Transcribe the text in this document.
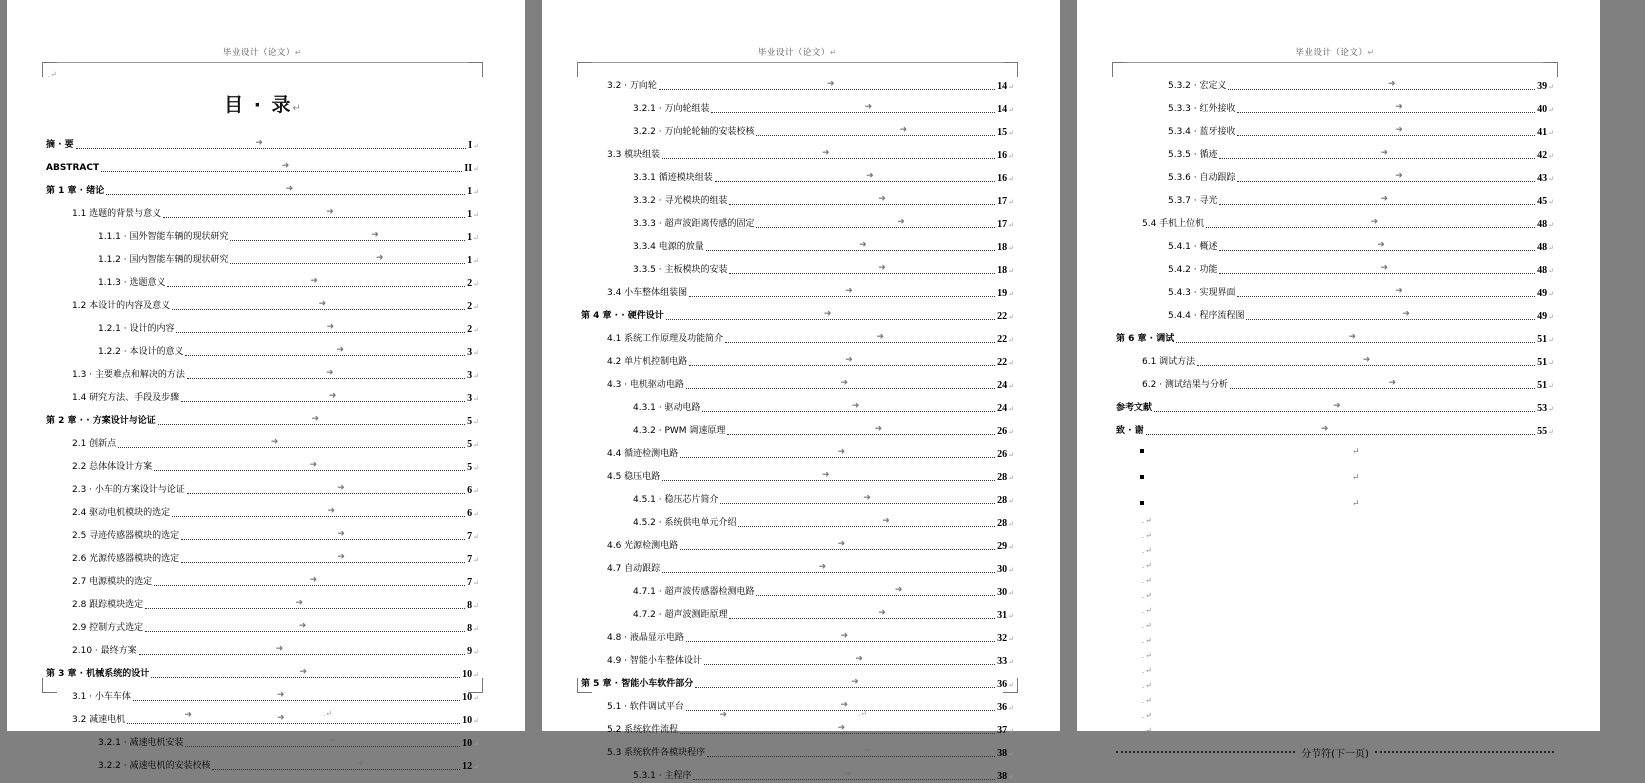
毕业设计（论文）↵
.↵
目 · 录↵
摘 · 要	➜	I ↵
ABSTRACT	➜	II ↵
第 1 章 · 绪论	➜	1 ↵
1.1 选题的背景与意义	➜	1 ↵
1.1.1 · 国外智能车辆的现状研究	➜	1 ↵
1.1.2 · 国内智能车辆的现状研究	➜	1 ↵
1.1.3 · 选题意义	➜	2 ↵
1.2 本设计的内容及意义	➜	2 ↵
1.2.1 · 设计的内容	➜	2 ↵
1.2.2 · 本设计的意义	➜	3 ↵
1.3 · 主要难点和解决的方法	➜	3 ↵
1.4 研究方法、手段及步骤	➜	3 ↵
第 2 章 · · 方案设计与论证	➜	5 ↵
2.1 创新点	➜	5 ↵
2.2 总体体设计方案	➜	5 ↵
2.3 · 小车的方案设计与论证	➜	6 ↵
2.4 驱动电机模块的选定	➜	6 ↵
2.5 寻迹传感器模块的选定	➜	7 ↵
2.6 光源传感器模块的选定	➜	7 ↵
2.7 电源模块的选定	➜	7 ↵
2.8 跟踪模块选定	➜	8 ↵
2.9 控制方式选定	➜	8 ↵
2.10 · 最终方案	➜	9 ↵
第 3 章 · 机械系统的设计	➜	10 ↵
3.1 · 小车车体	➜	10 ↵
3.2 减速电机	➜	10 ↵
3.2.1 · 减速电机安装	➜	10 ↵
3.2.2 · 减速电机的安装校核	➜	12 ↵
➜	.↵
毕业设计（论文）↵
3.2 · 万向轮	➜	14 ↵
3.2.1 · 万向轮组装	➜	14 ↵
3.2.2 · 万向轮轮轴的安装校核	➜	15 ↵
3.3 模块组装	➜	16 ↵
3.3.1 循迹模块组装	➜	16 ↵
3.3.2 · 寻光模块的组装	➜	17 ↵
3.3.3 · 超声波距离传感的固定	➜	17 ↵
3.3.4 电源的放量	➜	18 ↵
3.3.5 · 主板模块的安装	➜	18 ↵
3.4 小车整体组装图	➜	19 ↵
第 4 章 · · 硬件设计	➜	22 ↵
4.1 系统工作原理及功能简介	➜	22 ↵
4.2 单片机控制电路	➜	22 ↵
4.3 · 电机驱动电路	➜	24 ↵
4.3.1 · 驱动电路	➜	24 ↵
4.3.2 · PWM 调速原理	➜	26 ↵
4.4 循迹检测电路	➜	26 ↵
4.5 稳压电路	➜	28 ↵
4.5.1 · 稳压芯片简介	➜	28 ↵
4.5.2 · 系统供电单元介绍	➜	28 ↵
4.6 光源检测电路	➜	29 ↵
4.7 自动跟踪	➜	30 ↵
4.7.1 · 超声波传感器检测电路	➜	30 ↵
4.7.2 · 超声波测距原理	➜	31 ↵
4.8 · 液晶显示电路	➜	32 ↵
4.9 · 智能小车整体设计	➜	33 ↵
第 5 章 · 智能小车软件部分	➜	36 ↵
5.1 · 软件调试平台	➜	36 ↵
5.2 系统软件流程	➜	37 ↵
5.3 系统软件各模块程序	➜	38 ↵
5.3.1 · 主程序	➜	38 ↵
➜	.↵
毕业设计（论文）↵
5.3.2 · 宏定义	➜	39 ↵
5.3.3 · 红外接收	➜	40 ↵
5.3.4 · 蓝牙接收	➜	41 ↵
5.3.5 · 循迹	➜	42 ↵
5.3.6 · 自动跟踪	➜	43 ↵
5.3.7 · 寻光	➜	45 ↵
5.4 手机上位机	➜	48 ↵
5.4.1 · 概述	➜	48 ↵
5.4.2 · 功能	➜	48 ↵
5.4.3 · 实现界面	➜	49 ↵
5.4.4 · 程序流程图	➜	49 ↵
第 6 章 · 调试	➜	51 ↵
6.1 调试方法	➜	51 ↵
6.2 · 测试结果与分析	➜	51 ↵
参考文献	➜	53 ↵
致 · 谢	➜	55 ↵
↵
↵
↵
.↵
.↵
.↵
.↵
.↵
.↵
.↵
.↵
.↵
.↵
.↵
.↵
.↵
.↵
.↵
分节符(下一页)
